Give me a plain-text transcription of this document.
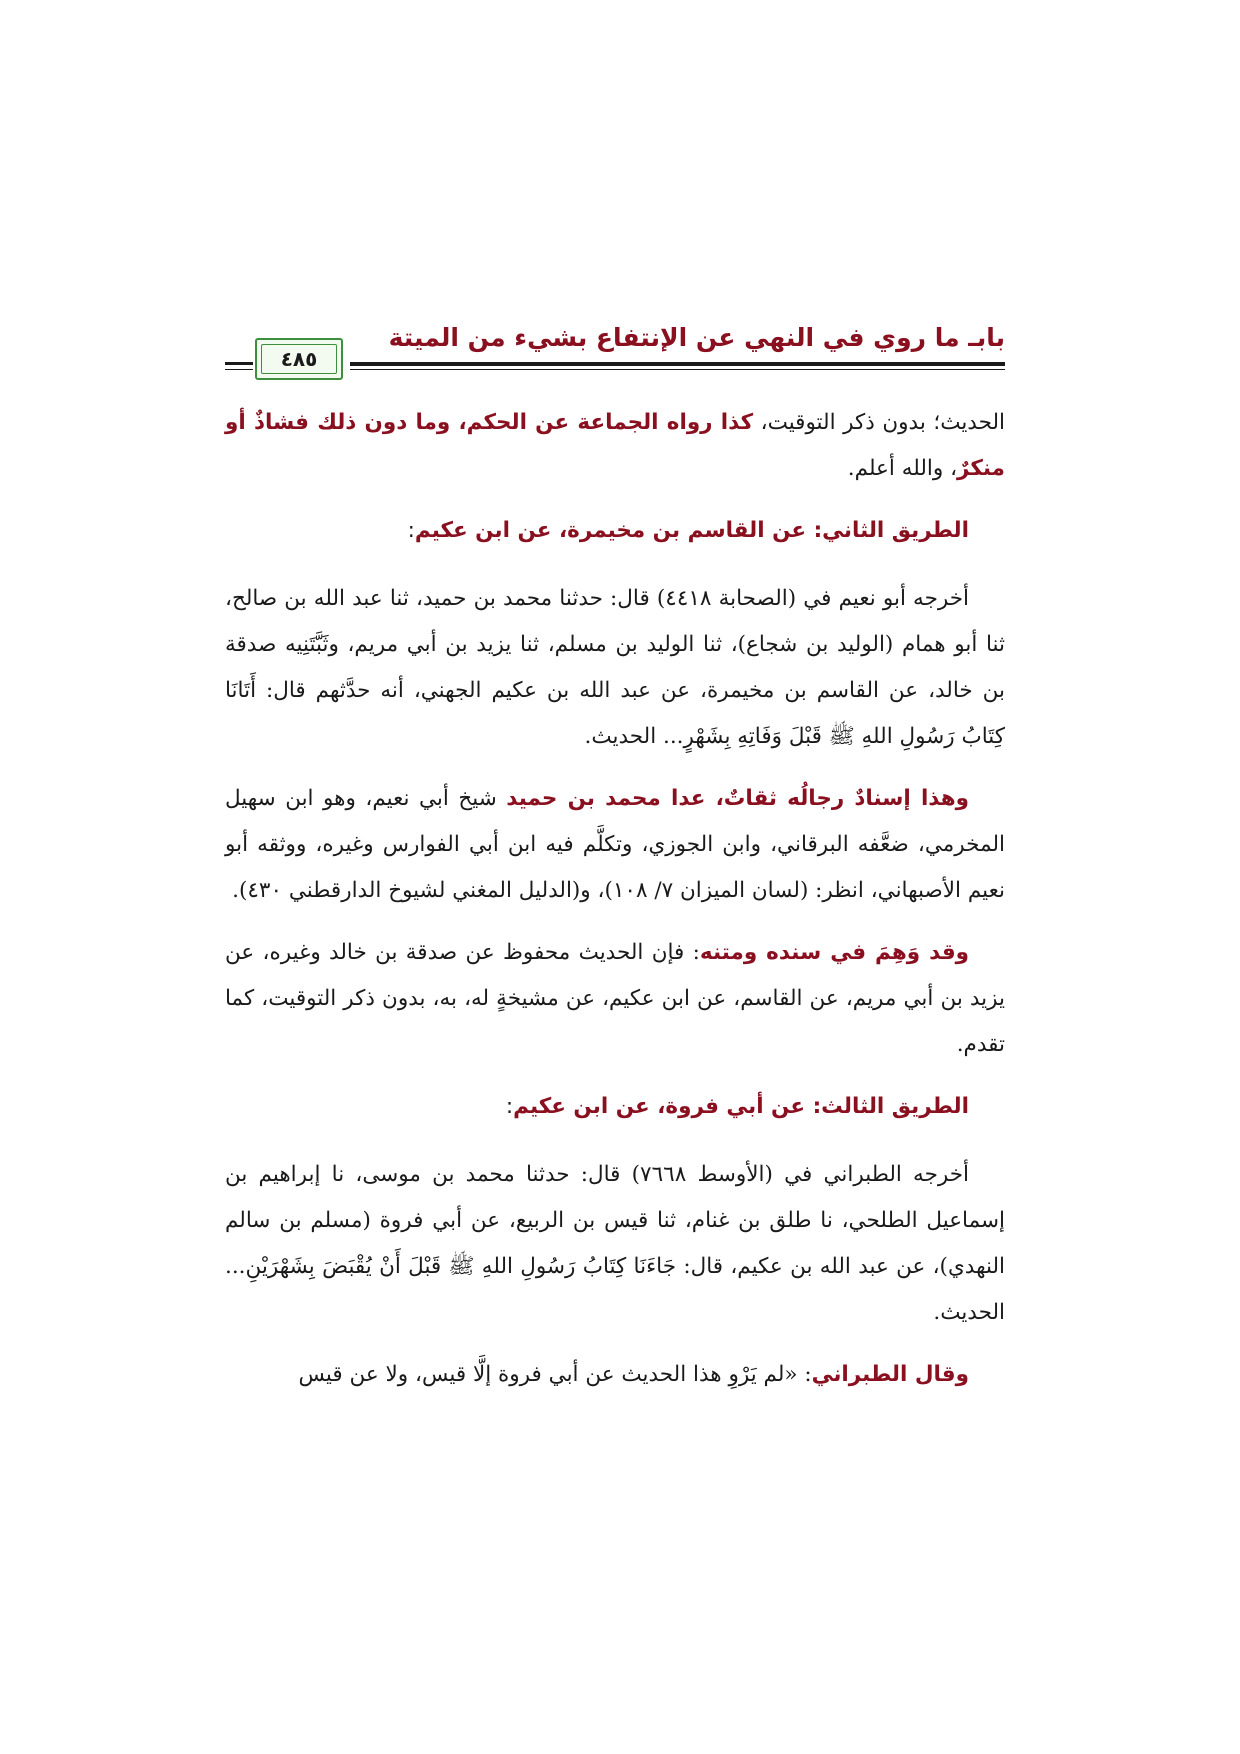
بابـ ما روي في النهي عن الإنتفاع بشيء من الميتة
٤٨٥

الحديث؛ بدون ذكر التوقيت، كذا رواه الجماعة عن الحكم، وما دون ذلك فشاذٌ أو منكرٌ، والله أعلم.

الطريق الثاني: عن القاسم بن مخيمرة، عن ابن عكيم:

أخرجه أبو نعيم في (الصحابة ٤٤١٨) قال: حدثنا محمد بن حميد، ثنا عبد الله بن صالح، ثنا أبو همام (الوليد بن شجاع)، ثنا الوليد بن مسلم، ثنا يزيد بن أبي مريم، وثَبَّتَنِيه صدقة بن خالد، عن القاسم بن مخيمرة، عن عبد الله بن عكيم الجهني، أنه حدَّثهم قال: أَتَانَا كِتَابُ رَسُولِ اللهِ ﷺ قَبْلَ وَفَاتِهِ بِشَهْرٍ... الحديث.

وهذا إسنادٌ رجالُه ثقاتٌ، عدا محمد بن حميد شيخ أبي نعيم، وهو ابن سهيل المخرمي، ضعَّفه البرقاني، وابن الجوزي، وتكلَّم فيه ابن أبي الفوارس وغيره، ووثقه أبو نعيم الأصبهاني، انظر: (لسان الميزان ٧/ ١٠٨)، و(الدليل المغني لشيوخ الدارقطني ٤٣٠).

وقد وَهِمَ في سنده ومتنه: فإن الحديث محفوظ عن صدقة بن خالد وغيره، عن يزيد بن أبي مريم، عن القاسم، عن ابن عكيم، عن مشيخةٍ له، به، بدون ذكر التوقيت، كما تقدم.

الطريق الثالث: عن أبي فروة، عن ابن عكيم:

أخرجه الطبراني في (الأوسط ٧٦٦٨) قال: حدثنا محمد بن موسى، نا إبراهيم بن إسماعيل الطلحي، نا طلق بن غنام، ثنا قيس بن الربيع، عن أبي فروة (مسلم بن سالم النهدي)، عن عبد الله بن عكيم، قال: جَاءَنَا كِتَابُ رَسُولِ اللهِ ﷺ قَبْلَ أَنْ يُقْبَضَ بِشَهْرَيْنِ... الحديث.

وقال الطبراني: «لم يَرْوِ هذا الحديث عن أبي فروة إلَّا قيس، ولا عن قيس
